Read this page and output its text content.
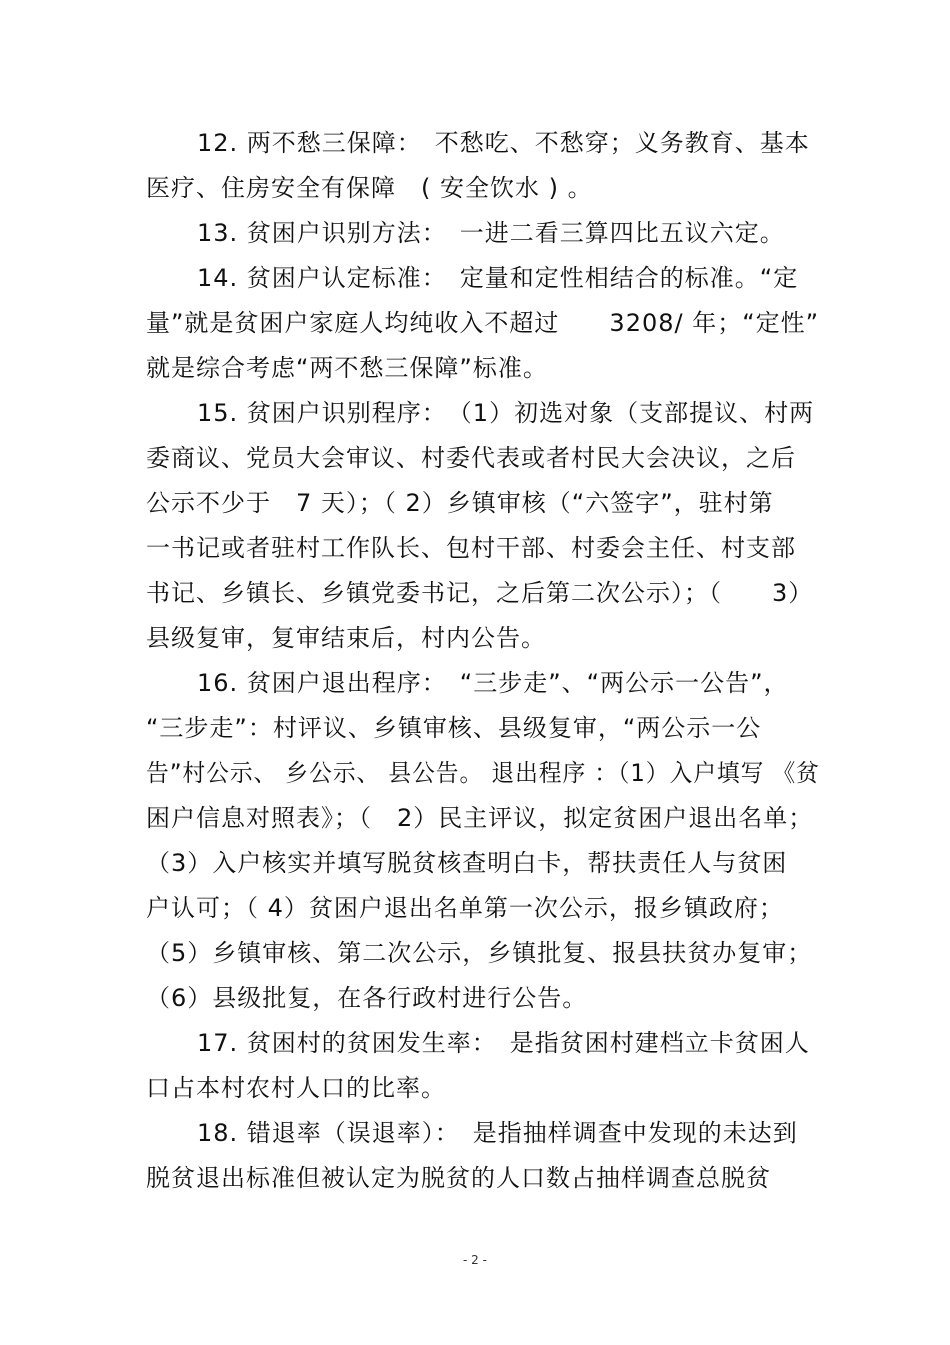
12. 两不愁三保障：　不愁吃、不愁穿；义务教育、基本
医疗、住房安全有保障　( 安全饮水 ) 。
13. 贫困户识别方法：　一进二看三算四比五议六定。
14. 贫困户认定标准：　定量和定性相结合的标准。“定
量”就是贫困户家庭人均纯收入不超过　　3208/ 年；“定性”
就是综合考虑“两不愁三保障”标准。
15. 贫困户识别程序：　（1）初选对象（支部提议、村两
委商议、党员大会审议、村委代表或者村民大会决议，之后
公示不少于　7 天）；（ 2）乡镇审核（“六签字”，驻村第
一书记或者驻村工作队长、包村干部、村委会主任、村支部
书记、乡镇长、乡镇党委书记，之后第二次公示）；（　　3）
县级复审，复审结束后，村内公告。
16. 贫困户退出程序：　“三步走”、“两公示一公告”，
“三步走”：村评议、乡镇审核、县级复审，“两公示一公
告”村公示、 乡公示、 县公告。 退出程序 ：（1）入户填写 《贫
困户信息对照表》；（　2）民主评议，拟定贫困户退出名单；
（3）入户核实并填写脱贫核查明白卡，帮扶责任人与贫困
户认可；（ 4）贫困户退出名单第一次公示，报乡镇政府；
（5）乡镇审核、第二次公示，乡镇批复、报县扶贫办复审；
（6）县级批复，在各行政村进行公告。
17. 贫困村的贫困发生率：　是指贫困村建档立卡贫困人
口占本村农村人口的比率。
18. 错退率（误退率）：　是指抽样调查中发现的未达到
脱贫退出标准但被认定为脱贫的人口数占抽样调查总脱贫
- 2 -
